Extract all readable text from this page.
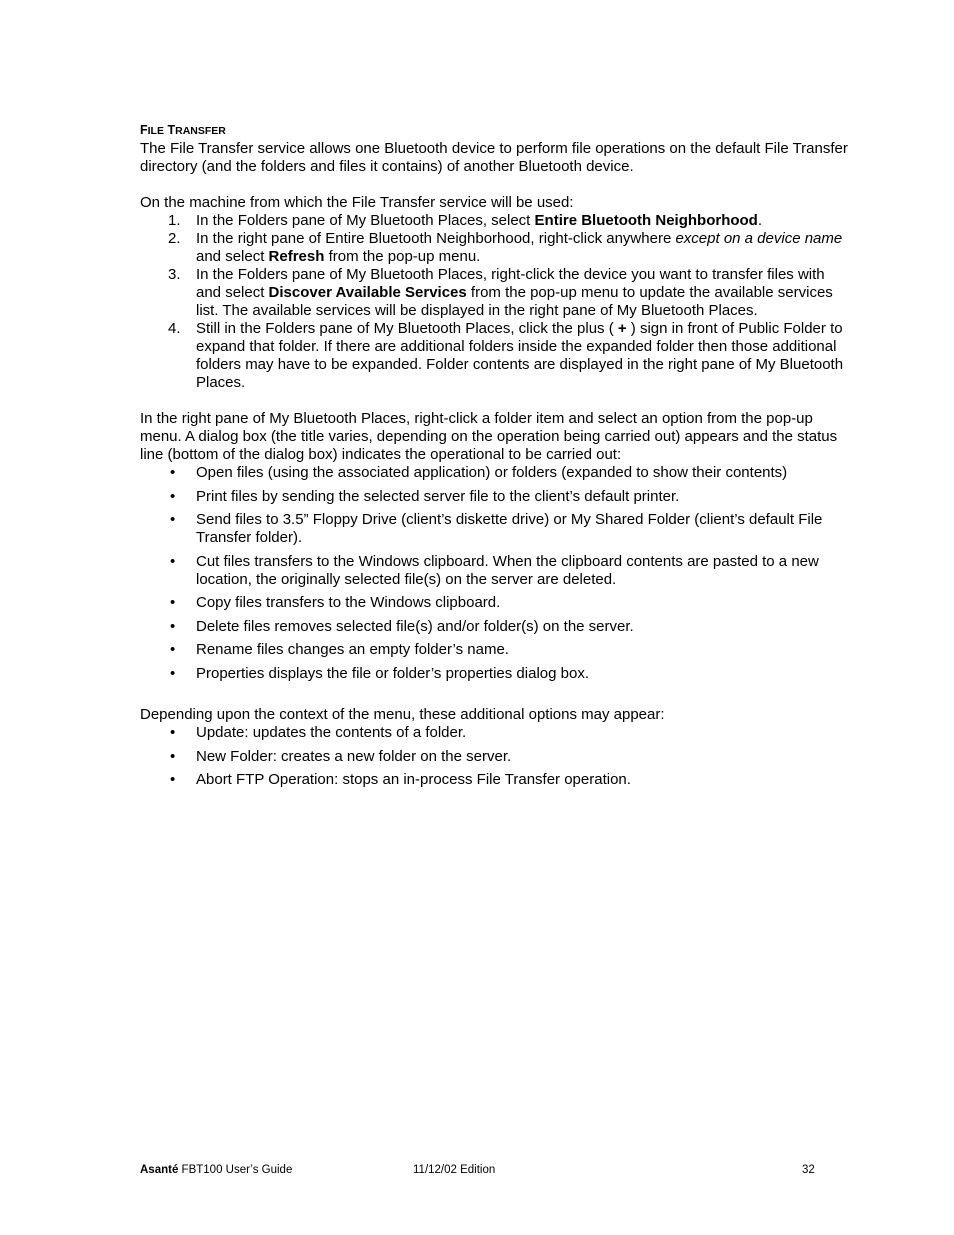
FILE TRANSFER

The File Transfer service allows one Bluetooth device to perform file operations on the default File Transfer directory (and the folders and files it contains) of another Bluetooth device.

On the machine from which the File Transfer service will be used:

1. In the Folders pane of My Bluetooth Places, select Entire Bluetooth Neighborhood.
2. In the right pane of Entire Bluetooth Neighborhood, right-click anywhere except on a device name and select Refresh from the pop-up menu.
3. In the Folders pane of My Bluetooth Places, right-click the device you want to transfer files with and select Discover Available Services from the pop-up menu to update the available services list. The available services will be displayed in the right pane of My Bluetooth Places.
4. Still in the Folders pane of My Bluetooth Places, click the plus ( + ) sign in front of Public Folder to expand that folder. If there are additional folders inside the expanded folder then those additional folders may have to be expanded. Folder contents are displayed in the right pane of My Bluetooth Places.

In the right pane of My Bluetooth Places, right-click a folder item and select an option from the pop-up menu. A dialog box (the title varies, depending on the operation being carried out) appears and the status line (bottom of the dialog box) indicates the operational to be carried out:

• Open files (using the associated application) or folders (expanded to show their contents)
• Print files by sending the selected server file to the client’s default printer.
• Send files to 3.5” Floppy Drive (client’s diskette drive) or My Shared Folder (client’s default File Transfer folder).
• Cut files transfers to the Windows clipboard. When the clipboard contents are pasted to a new location, the originally selected file(s) on the server are deleted.
• Copy files transfers to the Windows clipboard.
• Delete files removes selected file(s) and/or folder(s) on the server.
• Rename files changes an empty folder’s name.
• Properties displays the file or folder’s properties dialog box.

Depending upon the context of the menu, these additional options may appear:

• Update: updates the contents of a folder.
• New Folder: creates a new folder on the server.
• Abort FTP Operation: stops an in-process File Transfer operation.
Asanté FBT100 User’s Guide	11/12/02 Edition	32
